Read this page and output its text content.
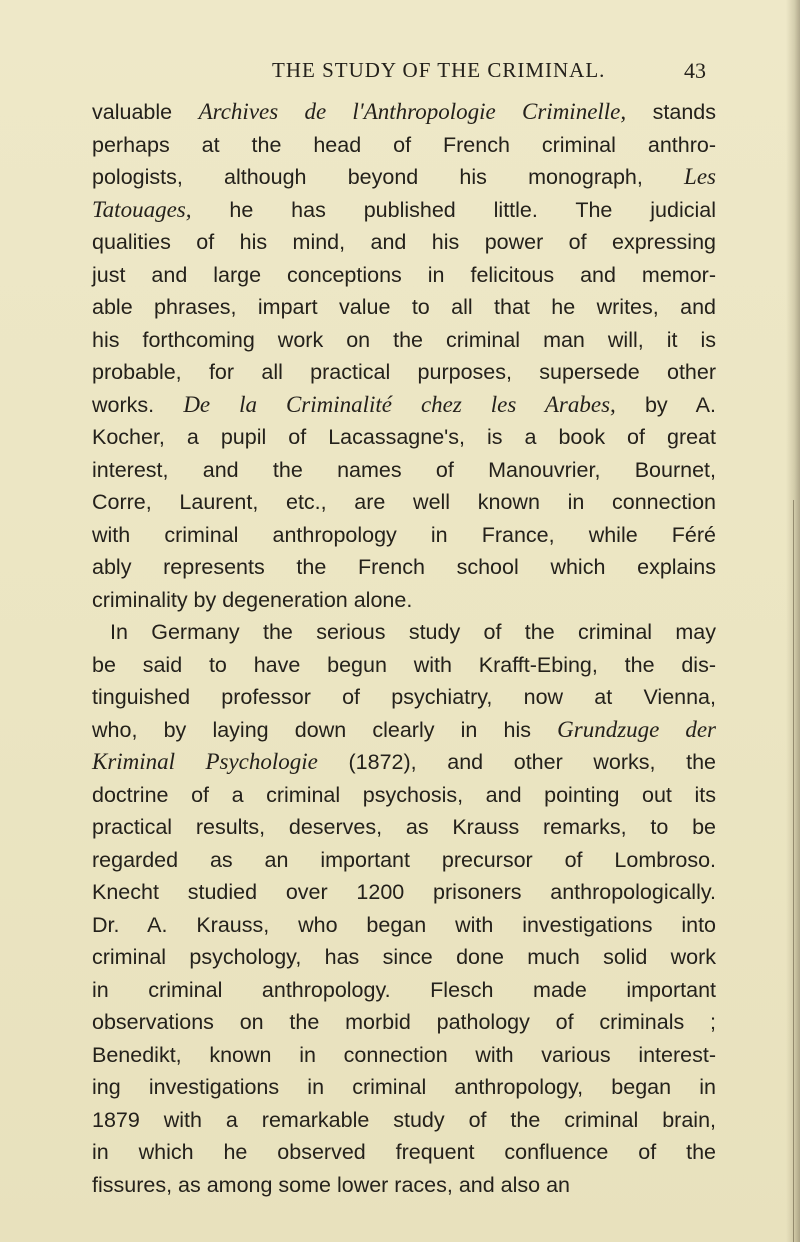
THE STUDY OF THE CRIMINAL.	43
valuable Archives de l'Anthropologie Criminelle, stands
perhaps at the head of French criminal anthro-
pologists, although beyond his monograph, Les
Tatouages, he has published little. The judicial
qualities of his mind, and his power of expressing
just and large conceptions in felicitous and memor-
able phrases, impart value to all that he writes, and
his forthcoming work on the criminal man will, it is
probable, for all practical purposes, supersede other
works. De la Criminalité chez les Arabes, by A.
Kocher, a pupil of Lacassagne's, is a book of great
interest, and the names of Manouvrier, Bournet,
Corre, Laurent, etc., are well known in connection
with criminal anthropology in France, while Féré
ably represents the French school which explains
criminality by degeneration alone.
In Germany the serious study of the criminal may
be said to have begun with Krafft-Ebing, the dis-
tinguished professor of psychiatry, now at Vienna,
who, by laying down clearly in his Grundzuge der
Kriminal Psychologie (1872), and other works, the
doctrine of a criminal psychosis, and pointing out its
practical results, deserves, as Krauss remarks, to be
regarded as an important precursor of Lombroso.
Knecht studied over 1200 prisoners anthropologically.
Dr. A. Krauss, who began with investigations into
criminal psychology, has since done much solid work
in criminal anthropology. Flesch made important
observations on the morbid pathology of criminals ;
Benedikt, known in connection with various interest-
ing investigations in criminal anthropology, began in
1879 with a remarkable study of the criminal brain,
in which he observed frequent confluence of the
fissures, as among some lower races, and also an
